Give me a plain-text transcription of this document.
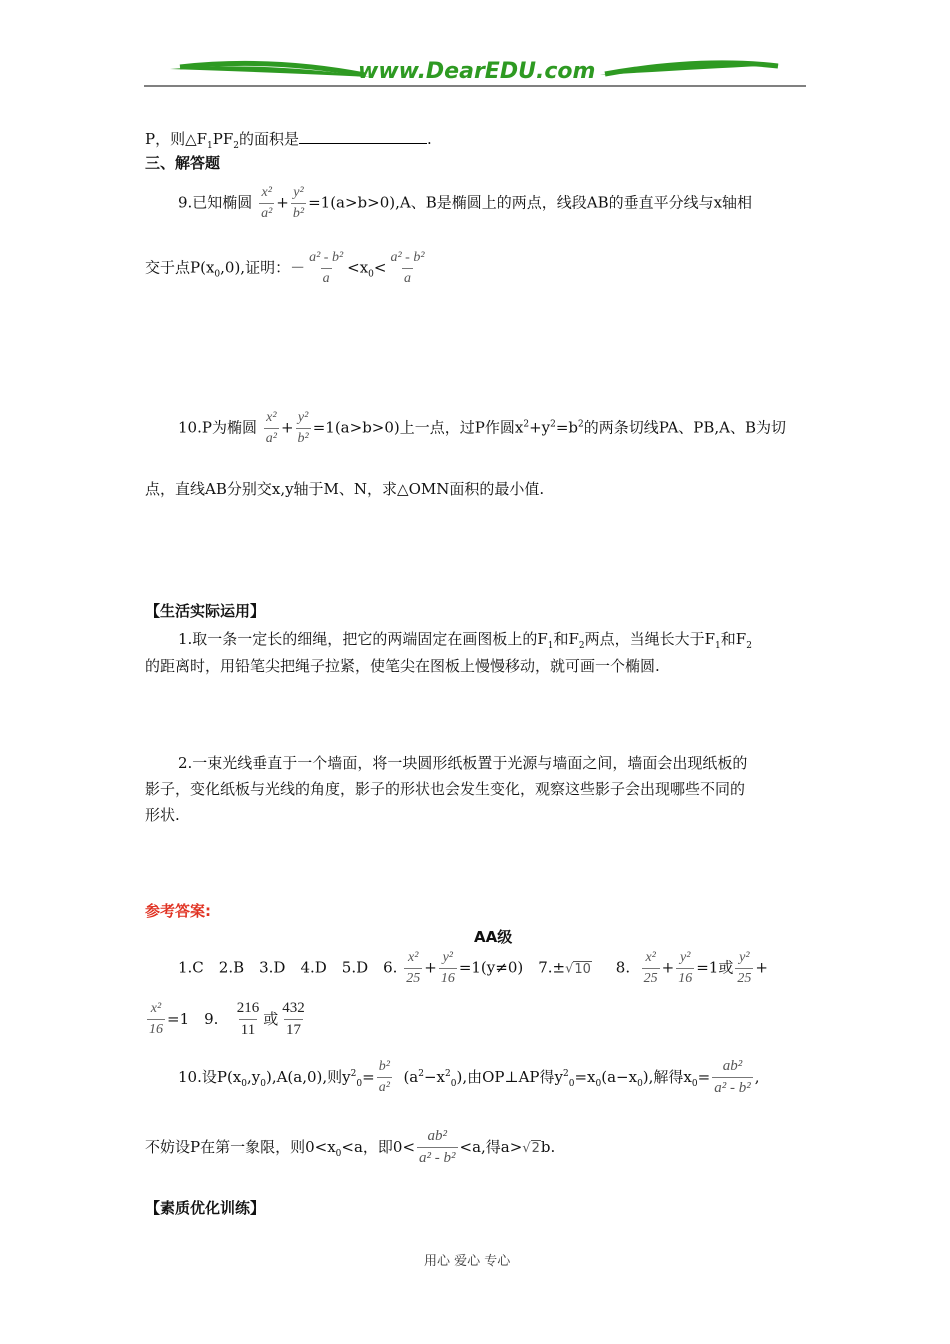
www.DearEDU.com
P，则$\triangle F_1PF_2$的面积是	.
三、解答题
9.已知椭圆 $\frac{\text{x²}}{\text{a²}} + \frac{\text{y²}}{\text{b²}} =1(a>b>0),A$、B是椭圆上的两点，线段AB的垂直平分线与x轴相
交于点$P(x_0,0)$,证明：－ $\frac{\text{a² - b²}}{a} <x_0< \frac{\text{a² - b²}}{a}$
10.P为椭圆 $\frac{\text{x²}}{\text{a²}} + \frac{\text{y²}}{\text{b²}} =1(a>b>0)$上一点，过P作圆$x^2+y^2=b^2$的两条切线PA、PB,A、B为切
点，直线AB分别交x,y轴于M、N，求△OMN面积的最小值.
【生活实际运用】
1.取一条一定长的细绳，把它的两端固定在画图板上的$F_1$和$F_2$两点，当绳长大于$F_1$和$F_2$
的距离时，用铅笔尖把绳子拉紧，使笔尖在图板上慢慢移动，就可画一个椭圆.
2.一束光线垂直于一个墙面，将一块圆形纸板置于光源与墙面之间，墙面会出现纸板的
影子，变化纸板与光线的角度，影子的形状也会发生变化，观察这些影子会出现哪些不同的
形状.
参考答案:
AA级
1.C　2.B　3.D　4.D　5.D　6. $\frac{\text{x²}}{25} + \frac{\text{y²}}{16} =1(y\ne 0)$　7.±√10 8. $\frac{\text{x²}}{25} + \frac{\text{y²}}{16} =1$或 $\frac{\text{y²}}{25}$ +
$\frac{\text{x²}}{16} =1$　9. $\frac{216}{11}$ 或 $\frac{432}{17}$
10.设$P(x_0,y_0),A(a,0)$,则$y^2_0= \frac{\text{b²}}{\text{a²}} (a^2-x^2_0)$,由OP⊥AP得$y^2_0=x_0(a-x_0)$,解得$x_0= \frac{\text{ab²}}{\text{a² - b²}}$ ,
不妨设P在第一象限，则$0<x_0<a$，即$0< \frac{\text{ab²}}{\text{a² - b²}} <a$,得a>√2b.
【素质优化训练】
用心 爱心 专心
